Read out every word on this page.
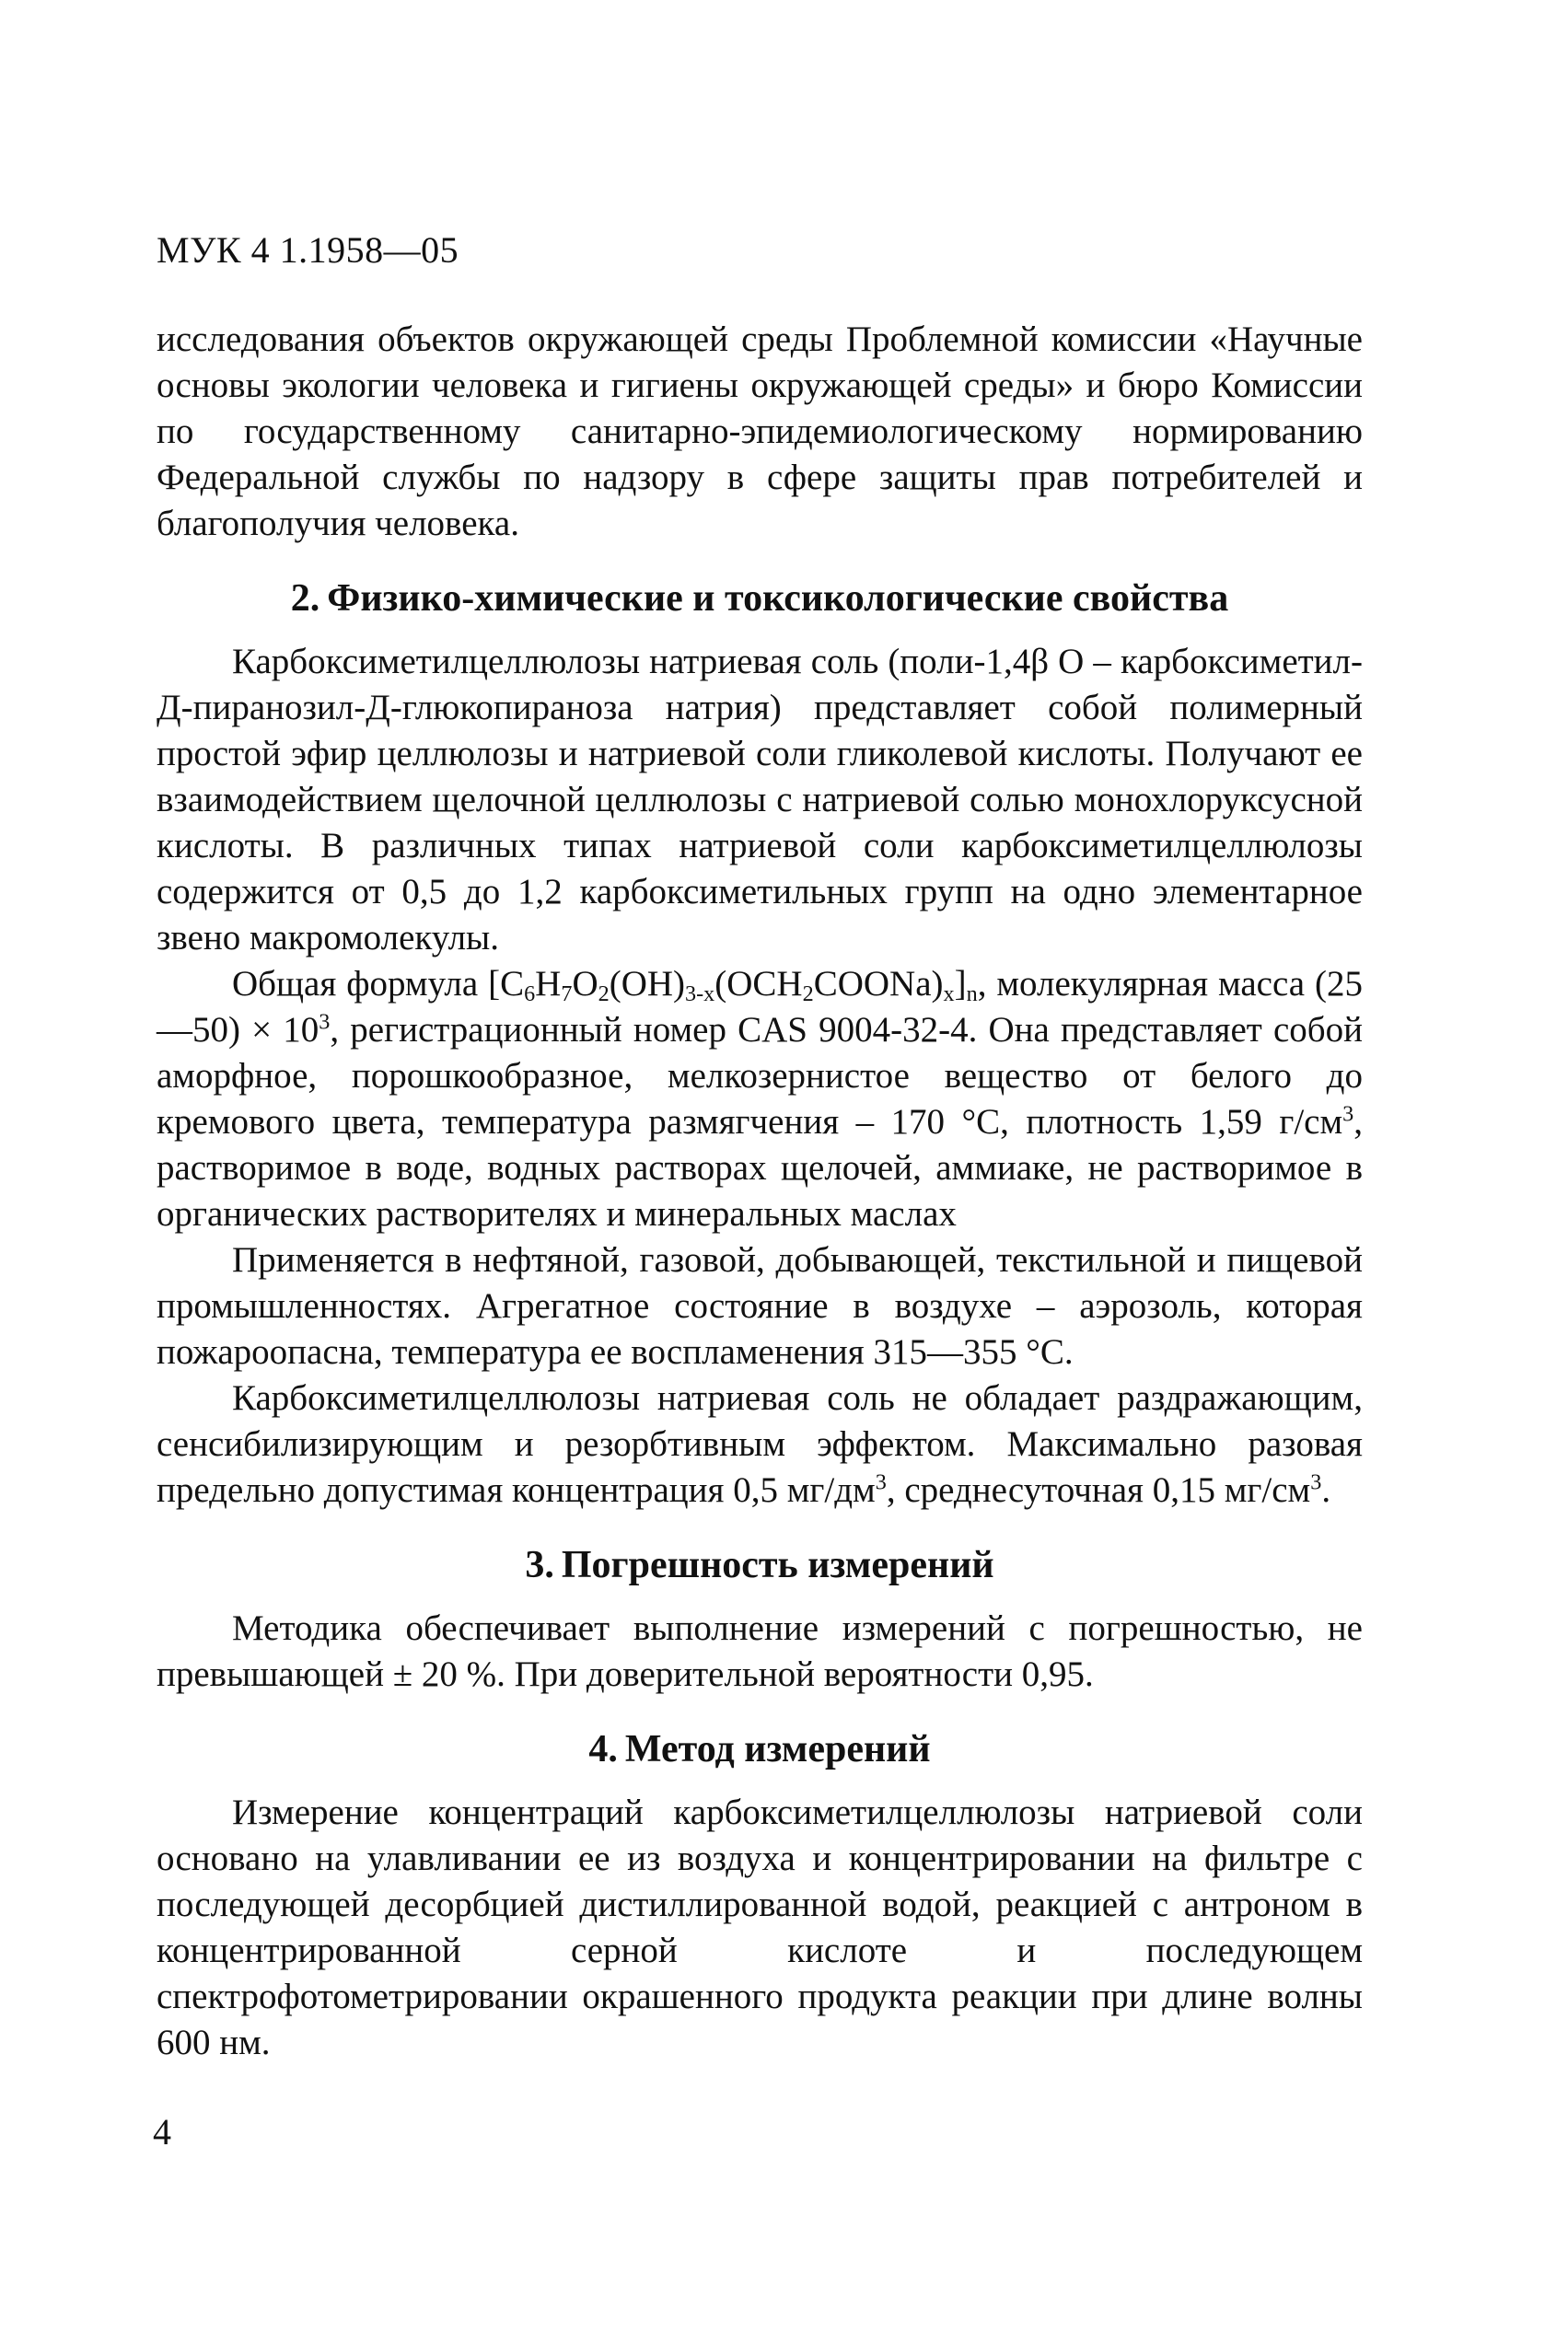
МУК 4 1.1958—05

исследования объектов окружающей среды Проблемной комиссии «Научные основы экологии человека и гигиены окружающей среды» и бюро Комиссии по государственному санитарно-эпидемиологическому нормированию Федеральной службы по надзору в сфере защиты прав потребителей и благополучия человека.

2. Физико-химические и токсикологические свойства

Карбоксиметилцеллюлозы натриевая соль (поли-1,4β О – карбоксиметил-Д-пиранозил-Д-глюкопираноза натрия) представляет собой полимерный простой эфир целлюлозы и натриевой соли гликолевой кислоты. Получают ее взаимодействием щелочной целлюлозы с натриевой солью монохлоруксусной кислоты. В различных типах натриевой соли карбоксиметилцеллюлозы содержится от 0,5 до 1,2 карбоксиметильных групп на одно элементарное звено макромолекулы.

Общая формула $[C_6H_7O_2(OH)_{3-x}(OCH_2COONa)_x]_n$, молекулярная масса (25—50) × $10^3$, регистрационный номер CAS 9004-32-4. Она представляет собой аморфное, порошкообразное, мелкозернистое вещество от белого до кремового цвета, температура размягчения – 170 °С, плотность 1,59 $г/см^3$, растворимое в воде, водных растворах щелочей, аммиаке, не растворимое в органических растворителях и минеральных маслах

Применяется в нефтяной, газовой, добывающей, текстильной и пищевой промышленностях. Агрегатное состояние в воздухе – аэрозоль, которая пожароопасна, температура ее воспламенения 315—355 °С.

Карбоксиметилцеллюлозы натриевая соль не обладает раздражающим, сенсибилизирующим и резорбтивным эффектом. Максимально разовая предельно допустимая концентрация 0,5 $мг/дм^3$, среднесуточная 0,15 $мг/см^3$.

3. Погрешность измерений

Методика обеспечивает выполнение измерений с погрешностью, не превышающей ± 20 %. При доверительной вероятности 0,95.

4. Метод измерений

Измерение концентраций карбоксиметилцеллюлозы натриевой соли основано на улавливании ее из воздуха и концентрировании на фильтре с последующей десорбцией дистиллированной водой, реакцией с антроном в концентрированной серной кислоте и последующем спектрофотометрировании окрашенного продукта реакции при длине волны 600 нм.

4
